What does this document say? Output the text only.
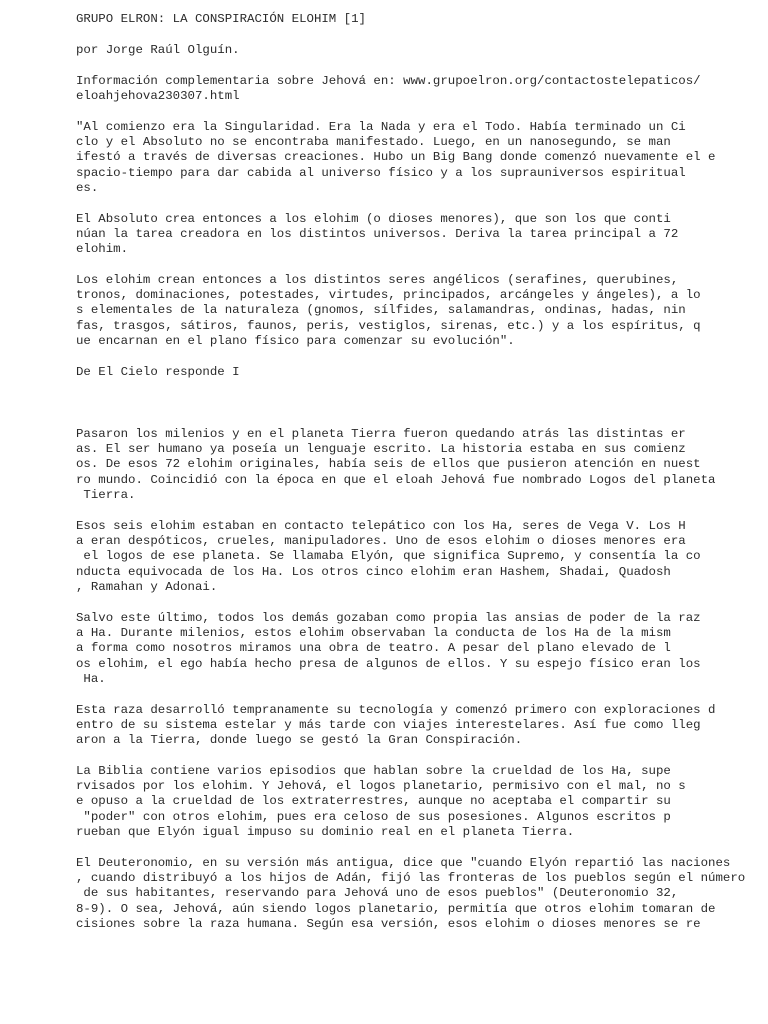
GRUPO ELRON: LA CONSPIRACIÓN ELOHIM [1]
por Jorge Raúl Olguín.
Información complementaria sobre Jehová en: www.grupoelron.org/contactostelepaticos/
eloahjehova230307.html
"Al comienzo era la Singularidad. Era la Nada y era el Todo. Había terminado un Ci
clo y el Absoluto no se encontraba manifestado. Luego, en un nanosegundo, se man
ifestó a través de diversas creaciones. Hubo un Big Bang donde comenzó nuevamente el e
spacio-tiempo para dar cabida al universo físico y a los suprauniversos espiritual
es.
El Absoluto crea entonces a los elohim (o dioses menores), que son los que conti
núan la tarea creadora en los distintos universos. Deriva la tarea principal a 72
elohim.
Los elohim crean entonces a los distintos seres angélicos (serafines, querubines,
tronos, dominaciones, potestades, virtudes, principados, arcángeles y ángeles), a lo
s elementales de la naturaleza (gnomos, sílfides, salamandras, ondinas, hadas, nin
fas, trasgos, sátiros, faunos, peris, vestiglos, sirenas, etc.) y a los espíritus, q
ue encarnan en el plano físico para comenzar su evolución".
De El Cielo responde I
Pasaron los milenios y en el planeta Tierra fueron quedando atrás las distintas er
as. El ser humano ya poseía un lenguaje escrito. La historia estaba en sus comienz
os. De esos 72 elohim originales, había seis de ellos que pusieron atención en nuest
ro mundo. Coincidió con la época en que el eloah Jehová fue nombrado Logos del planeta
Tierra.
Esos seis elohim estaban en contacto telepático con los Ha, seres de Vega V. Los H
a eran despóticos, crueles, manipuladores. Uno de esos elohim o dioses menores era
el logos de ese planeta. Se llamaba Elyón, que significa Supremo, y consentía la co
nducta equivocada de los Ha. Los otros cinco elohim eran Hashem, Shadai, Quadosh
, Ramahan y Adonai.
Salvo este último, todos los demás gozaban como propia las ansias de poder de la raz
a Ha. Durante milenios, estos elohim observaban la conducta de los Ha de la mism
a forma como nosotros miramos una obra de teatro. A pesar del plano elevado de l
os elohim, el ego había hecho presa de algunos de ellos. Y su espejo físico eran los
Ha.
Esta raza desarrolló tempranamente su tecnología y comenzó primero con exploraciones d
entro de su sistema estelar y más tarde con viajes interestelares. Así fue como lleg
aron a la Tierra, donde luego se gestó la Gran Conspiración.
La Biblia contiene varios episodios que hablan sobre la crueldad de los Ha, supe
rvisados por los elohim. Y Jehová, el logos planetario, permisivo con el mal, no s
e opuso a la crueldad de los extraterrestres, aunque no aceptaba el compartir su
"poder" con otros elohim, pues era celoso de sus posesiones. Algunos escritos p
rueban que Elyón igual impuso su dominio real en el planeta Tierra.
El Deuteronomio, en su versión más antigua, dice que "cuando Elyón repartió las naciones
, cuando distribuyó a los hijos de Adán, fijó las fronteras de los pueblos según el número
de sus habitantes, reservando para Jehová uno de esos pueblos" (Deuteronomio 32,
8-9). O sea, Jehová, aún siendo logos planetario, permitía que otros elohim tomaran de
cisiones sobre la raza humana. Según esa versión, esos elohim o dioses menores se re
